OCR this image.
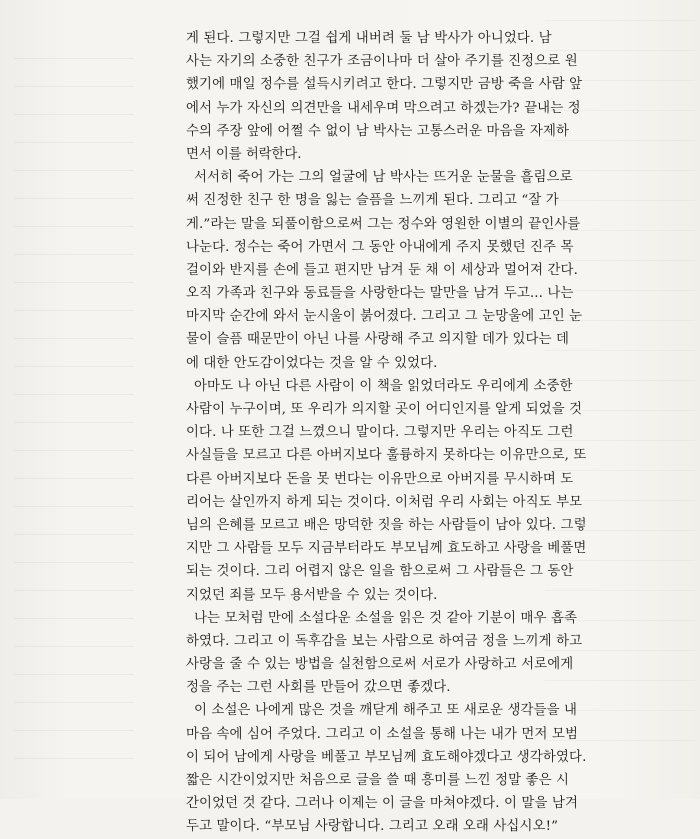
게 된다. 그렇지만 그걸 쉽게 내버려 둘 남 박사가 아니었다. 남
사는 자기의 소중한 친구가 조금이나마 더 살아 주기를 진정으로 원
했기에 매일 정수를 설득시키려고 한다. 그렇지만 금방 죽을 사람 앞
에서 누가 자신의 의견만을 내세우며 막으려고 하겠는가? 끝내는 정
수의 주장 앞에 어쩔 수 없이 남 박사는 고통스러운 마음을 자제하
면서 이를 허락한다.
서서히 죽어 가는 그의 얼굴에 남 박사는 뜨거운 눈물을 흘림으로
써 진정한 친구 한 명을 잃는 슬픔을 느끼게 된다. 그리고 “잘 가
게.”라는 말을 되풀이함으로써 그는 정수와 영원한 이별의 끝인사를
나눈다. 정수는 죽어 가면서 그 동안 아내에게 주지 못했던 진주 목
걸이와 반지를 손에 들고 편지만 남겨 둔 채 이 세상과 멀어져 간다.
오직 가족과 친구와 동료들을 사랑한다는 말만을 남겨 두고... 나는
마지막 순간에 와서 눈시울이 붉어졌다. 그리고 그 눈망울에 고인 눈
물이 슬픔 때문만이 아닌 나를 사랑해 주고 의지할 데가 있다는 데
에 대한 안도감이었다는 것을 알 수 있었다.
아마도 나 아닌 다른 사람이 이 책을 읽었더라도 우리에게 소중한
사람이 누구이며, 또 우리가 의지할 곳이 어디인지를 알게 되었을 것
이다. 나 또한 그걸 느꼈으니 말이다. 그렇지만 우리는 아직도 그런
사실들을 모르고 다른 아버지보다 훌륭하지 못하다는 이유만으로, 또
다른 아버지보다 돈을 못 번다는 이유만으로 아버지를 무시하며 도
리어는 살인까지 하게 되는 것이다. 이처럼 우리 사회는 아직도 부모
님의 은혜를 모르고 배은 망덕한 짓을 하는 사람들이 남아 있다. 그렇
지만 그 사람들 모두 지금부터라도 부모님께 효도하고 사랑을 베풀면
되는 것이다. 그리 어렵지 않은 일을 함으로써 그 사람들은 그 동안
지었던 죄를 모두 용서받을 수 있는 것이다.
나는 모처럼 만에 소설다운 소설을 읽은 것 같아 기분이 매우 흡족
하였다. 그리고 이 독후감을 보는 사람으로 하여금 정을 느끼게 하고
사랑을 줄 수 있는 방법을 실천함으로써 서로가 사랑하고 서로에게
정을 주는 그런 사회를 만들어 갔으면 좋겠다.
이 소설은 나에게 많은 것을 깨닫게 해주고 또 새로운 생각들을 내
마음 속에 심어 주었다. 그리고 이 소설을 통해 나는 내가 먼저 모범
이 되어 남에게 사랑을 베풀고 부모님께 효도해야겠다고 생각하였다.
짧은 시간이었지만 처음으로 글을 쓸 때 흥미를 느낀 정말 좋은 시
간이었던 것 같다. 그러나 이제는 이 글을 마쳐야겠다. 이 말을 남겨
두고 말이다. “부모님 사랑합니다. 그리고 오래 오래 사십시오!”
